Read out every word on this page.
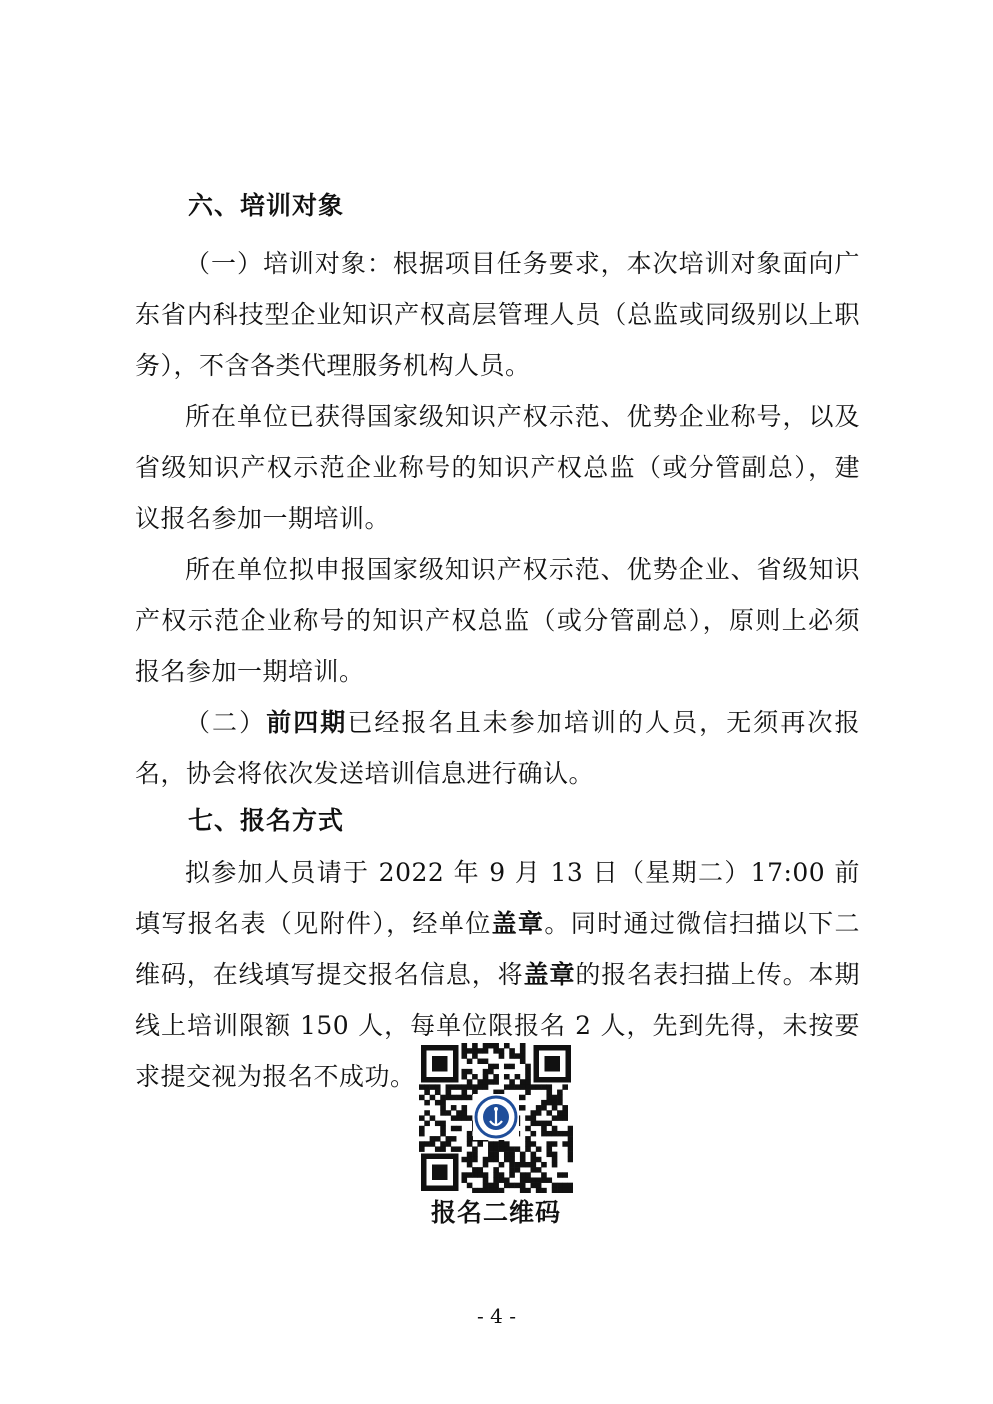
六、培训对象

（一）培训对象：根据项目任务要求，本次培训对象面向广东省内科技型企业知识产权高层管理人员（总监或同级别以上职务），不含各类代理服务机构人员。

所在单位已获得国家级知识产权示范、优势企业称号，以及省级知识产权示范企业称号的知识产权总监（或分管副总），建议报名参加一期培训。

所在单位拟申报国家级知识产权示范、优势企业、省级知识产权示范企业称号的知识产权总监（或分管副总），原则上必须报名参加一期培训。

（二）前四期已经报名且未参加培训的人员，无须再次报名，协会将依次发送培训信息进行确认。

七、报名方式

拟参加人员请于 2022 年 9 月 13 日（星期二）17:00 前填写报名表（见附件），经单位盖章。同时通过微信扫描以下二维码，在线填写提交报名信息，将盖章的报名表扫描上传。本期线上培训限额 150 人，每单位限报名 2 人，先到先得，未按要求提交视为报名不成功。

报名二维码
- 4 -
